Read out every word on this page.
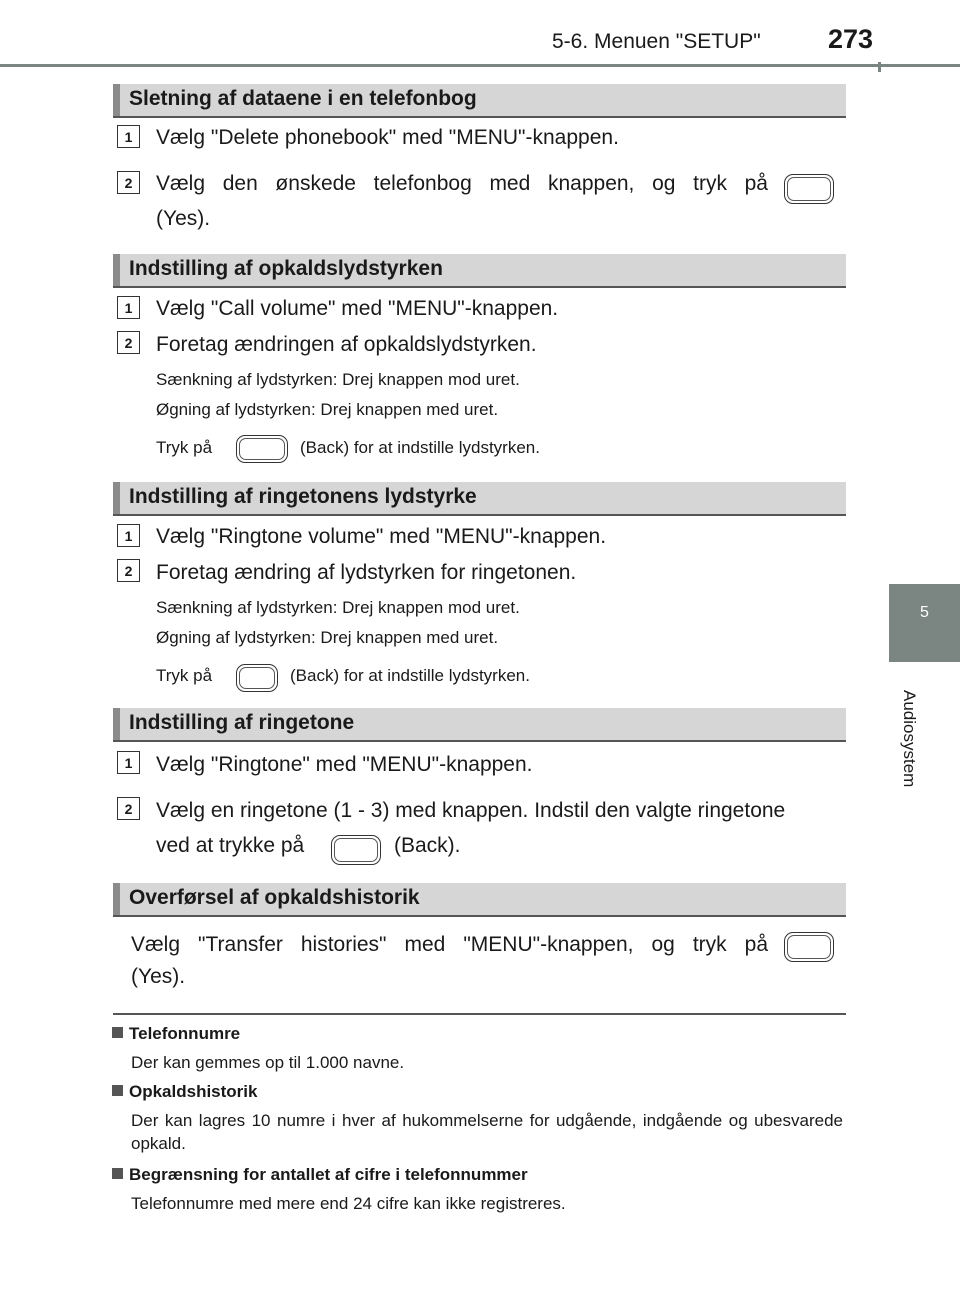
5-6. Menuen "SETUP" 273
5
Audiosystem
Sletning af dataene i en telefonbog
1	Vælg "Delete phonebook" med "MENU"-knappen.
2	Vælg den ønskede telefonbog med knappen, og tryk på
(Yes).
Indstilling af opkaldslydstyrken
1	Vælg "Call volume" med "MENU"-knappen.
2	Foretag ændringen af opkaldslydstyrken.
Sænkning af lydstyrken: Drej knappen mod uret.
Øgning af lydstyrken: Drej knappen med uret.
Tryk på	(Back) for at indstille lydstyrken.
Indstilling af ringetonens lydstyrke
1	Vælg "Ringtone volume" med "MENU"-knappen.
2	Foretag ændring af lydstyrken for ringetonen.
Sænkning af lydstyrken: Drej knappen mod uret.
Øgning af lydstyrken: Drej knappen med uret.
Tryk på	(Back) for at indstille lydstyrken.
Indstilling af ringetone
1	Vælg "Ringtone" med "MENU"-knappen.
2	Vælg en ringetone (1 - 3) med knappen. Indstil den valgte ringetone
ved at trykke på	(Back).
Overførsel af opkaldshistorik
Vælg "Transfer histories" med "MENU"-knappen, og tryk på
(Yes).
Telefonnumre
Der kan gemmes op til 1.000 navne.
Opkaldshistorik
Der kan lagres 10 numre i hver af hukommelserne for udgående, indgående og ubesvarede opkald.
Begrænsning for antallet af cifre i telefonnummer
Telefonnumre med mere end 24 cifre kan ikke registreres.
